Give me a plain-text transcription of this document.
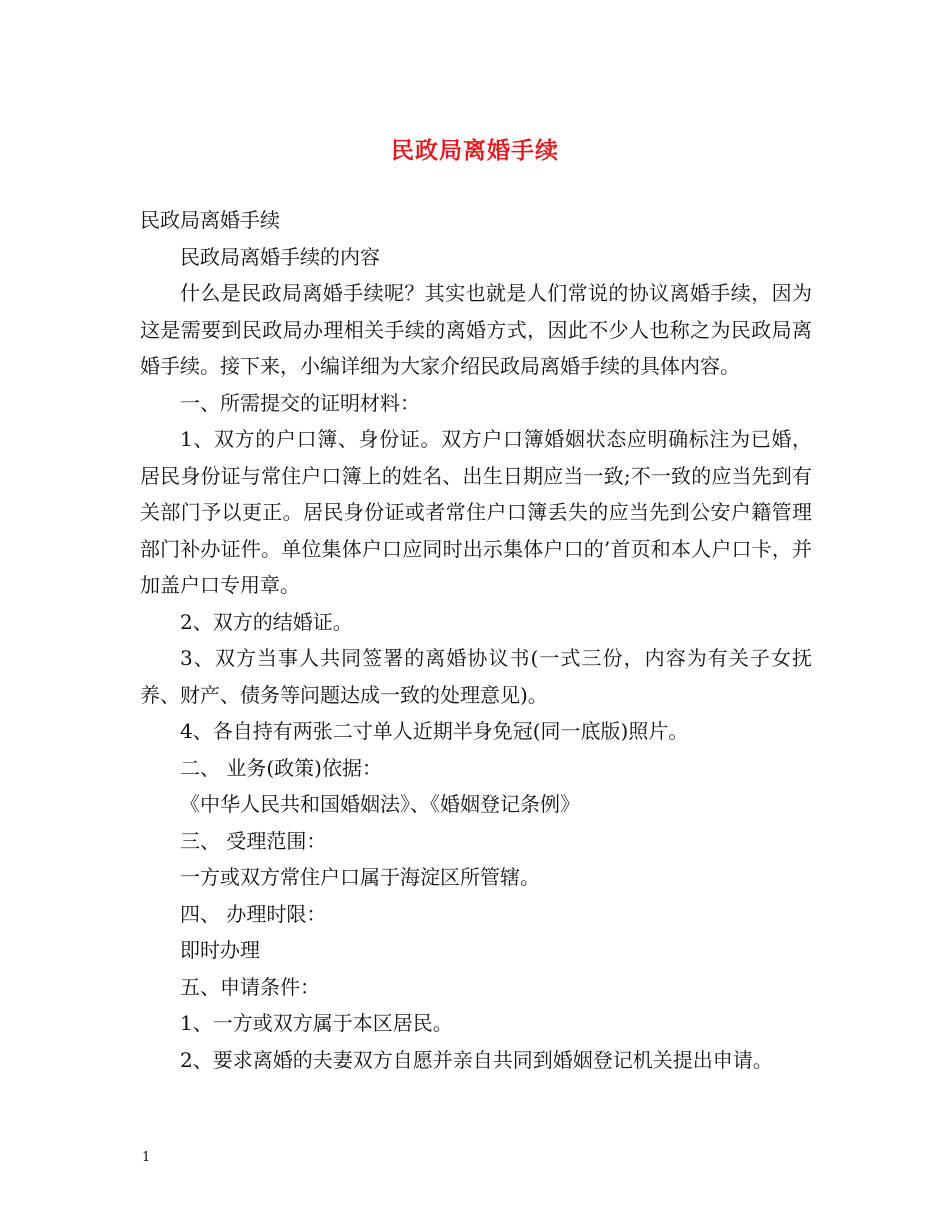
民政局离婚手续

民政局离婚手续

民政局离婚手续的内容

什么是民政局离婚手续呢？其实也就是人们常说的协议离婚手续，因为这是需要到民政局办理相关手续的离婚方式，因此不少人也称之为民政局离婚手续。接下来，小编详细为大家介绍民政局离婚手续的具体内容。

一、所需提交的证明材料：

1、双方的户口簿、身份证。双方户口簿婚姻状态应明确标注为已婚，居民身份证与常住户口簿上的姓名、出生日期应当一致;不一致的应当先到有关部门予以更正。居民身份证或者常住户口簿丢失的应当先到公安户籍管理部门补办证件。单位集体户口应同时出示集体户口的’首页和本人户口卡，并加盖户口专用章。

2、双方的结婚证。

3、双方当事人共同签署的离婚协议书(一式三份，内容为有关子女抚养、财产、债务等问题达成一致的处理意见)。

4、各自持有两张二寸单人近期半身免冠(同一底版)照片。

二、 业务(政策)依据：

《中华人民共和国婚姻法》、《婚姻登记条例》

三、 受理范围：

一方或双方常住户口属于海淀区所管辖。

四、 办理时限：

即时办理

五、申请条件：

1、一方或双方属于本区居民。

2、要求离婚的夫妻双方自愿并亲自共同到婚姻登记机关提出申请。

1
